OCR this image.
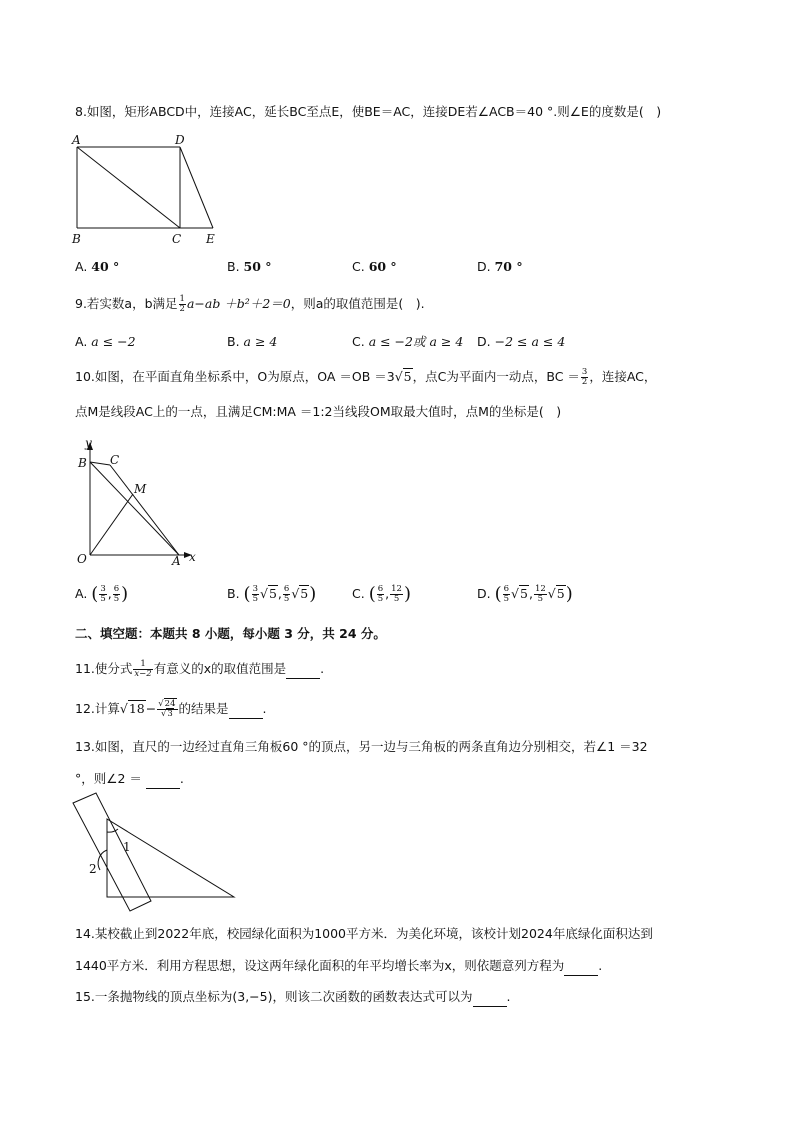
8.如图，矩形ABCD中，连接AC，延长BC至点E，使BE＝AC，连接DE若∠ACB＝40 °.则∠E的度数是(　)
A	D
B	C E
A. 40 °	B. 50 °	C. 60 °	D. 70 °
9.若实数a，b满足 $\frac{1}{2} a-ab +b^2+2=0$，则a的取值范围是(　).
A. a ≤ −2	B. a ≥ 4	C. a ≤ −2或 a ≥ 4 D. −2 ≤ a ≤ 4
10.如图，在平面直角坐标系中，O为原点，OA ＝OB ＝3√5，点C为平面内一动点，BC ＝ $\frac{3}{2}$ ，连接AC，
点M是线段AC上的一点，且满足CM:MA ＝1:2当线段OM取最大值时，点M的坐标是(　)
y
x
B C
M
O	A
A. ( $\frac{3}{5}$ , $\frac{6}{5}$ )	B. ( $\frac{3}{5} √5$, $\frac{6}{5} √5$)	C. ( $\frac{6}{5}$ , $\frac{12}{5}$ )	D. ( $\frac{6}{5} √5$, $\frac{12}{5} √5$)
二、填空题：本题共 8 小题，每小题 3 分，共 24 分。
11.使分式 $\frac{1}{x-2}$ 有意义的x的取值范围是	.
12.计算$√18- \frac{√24}{√3}$ 的结果是	.
13.如图，直尺的一边经过直角三角板60 °的顶点，另一边与三角板的两条直角边分别相交，若∠1 ＝32
°，则∠2 ＝	.
1
2
14.某校截止到2022年底，校园绿化面积为1000平方米．为美化环境，该校计划2024年底绿化面积达到
1440平方米．利用方程思想，设这两年绿化面积的年平均增长率为x，则依题意列方程为	.
15.一条抛物线的顶点坐标为(3,−5)，则该二次函数的函数表达式可以为	.
